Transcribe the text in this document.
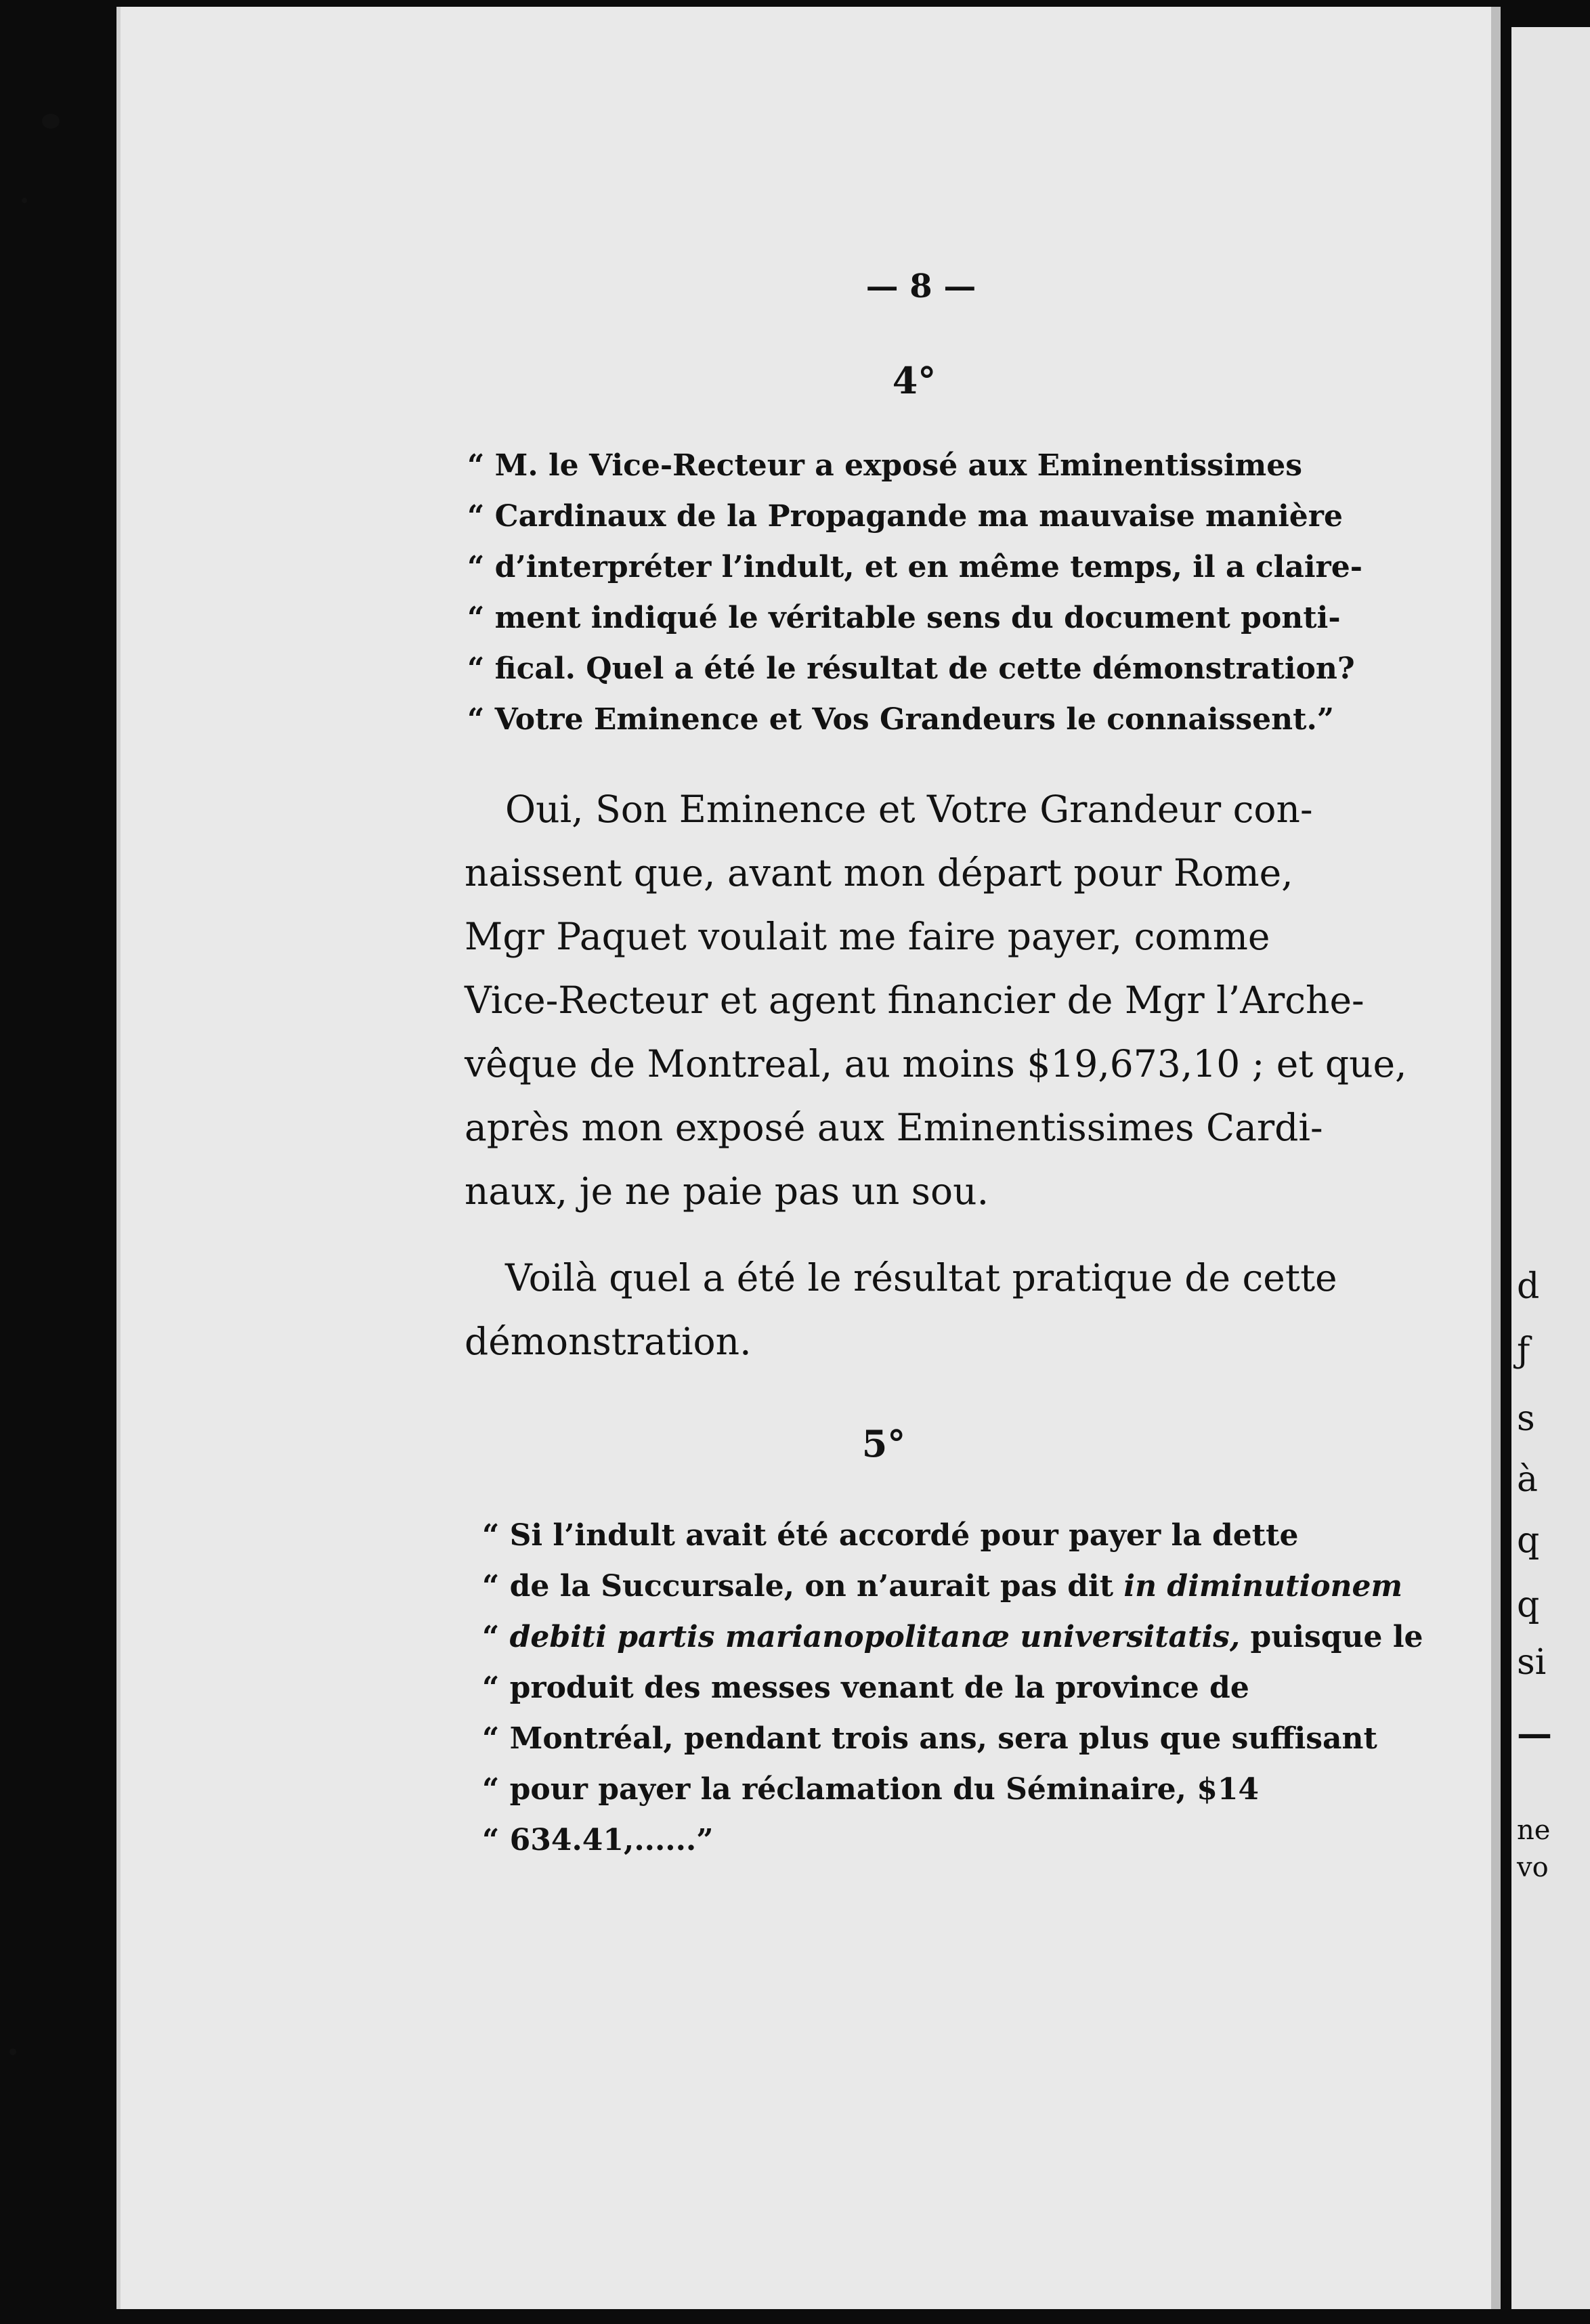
d
ƒ
s
à
q
q
si
—
ne
vo
— 8 —
4°
“ M. le Vice-Recteur a exposé aux Eminentissimes
“ Cardinaux de la Propagande ma mauvaise manière
“ d’interpréter l’indult, et en même temps, il a claire-
“ ment indiqué le véritable sens du document ponti-
“ fical. Quel a été le résultat de cette démonstration?
“ Votre Eminence et Vos Grandeurs le connaissent.”
Oui, Son Eminence et Votre Grandeur con-
naissent que, avant mon départ pour Rome,
Mgr Paquet voulait me faire payer, comme
Vice-Recteur et agent financier de Mgr l’Arche-
vêque de Montreal, au moins $19,673,10 ; et que,
après mon exposé aux Eminentissimes Cardi-
naux, je ne paie pas un sou.
Voilà quel a été le résultat pratique de cette
démonstration.
5°
“ Si l’indult avait été accordé pour payer la dette
“ de la Succursale, on n’aurait pas dit in diminutionem
“ debiti partis marianopolitanæ universitatis, puisque le
“ produit des messes venant de la province de
“ Montréal, pendant trois ans, sera plus que suffisant
“ pour payer la réclamation du Séminaire, $14
“ 634.41,......”
